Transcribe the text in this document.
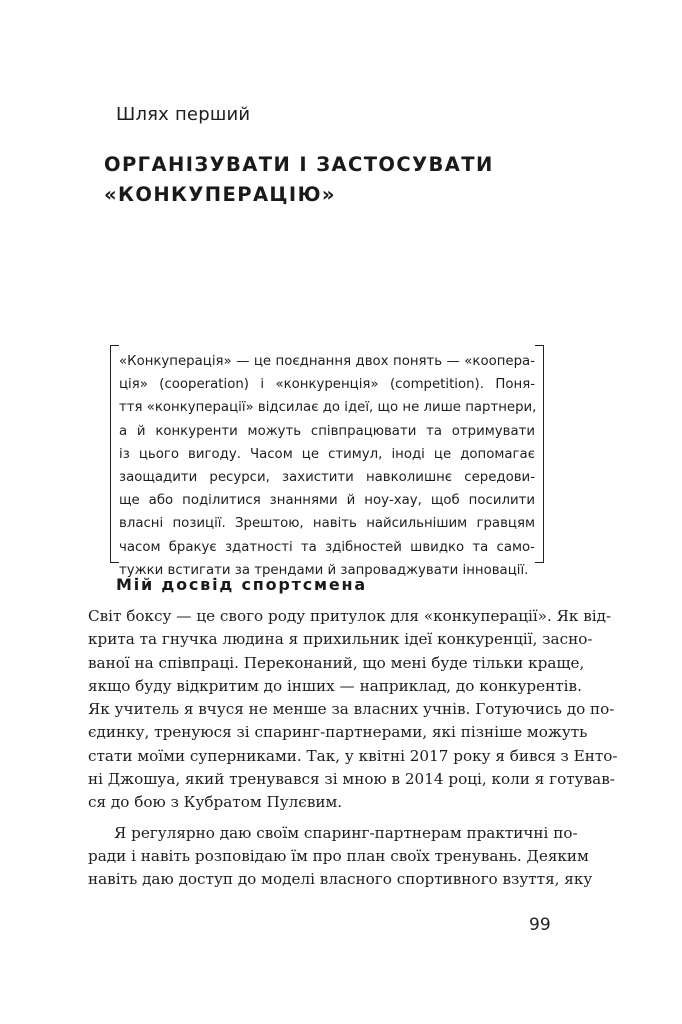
Шлях перший
ОРГАНІЗУВАТИ І ЗАСТОСУВАТИ
«КОНКУПЕРАЦІЮ»
«Конкуперація» — це поєднання двох понять — «коопера-
ція» (cooperation) і «конкуренція» (competition). Поня-
ття «конкуперації» відсилає до ідеї, що не лише партнери,
а й конкуренти можуть співпрацювати та отримувати
із цього вигоду. Часом це стимул, іноді це допомагає
заощадити ресурси, захистити навколишнє середови-
ще або поділитися знаннями й ноу-хау, щоб посилити
власні позиції. Зрештою, навіть найсильнішим гравцям
часом бракує здатності та здібностей швидко та само-
тужки встигати за трендами й запроваджувати інновації.
Мій досвід спортсмена
Світ боксу — це свого роду притулок для «конкуперації». Як від-
крита та гнучка людина я прихильник ідеї конкуренції, засно-
ваної на співпраці. Переконаний, що мені буде тільки краще,
якщо буду відкритим до інших — наприклад, до конкурентів.
Як учитель я вчуся не менше за власних учнів. Готуючись до по-
єдинку, тренуюся зі спаринг-партнерами, які пізніше можуть
стати моїми суперниками. Так, у квітні 2017 року я бився з Енто-
ні Джошуа, який тренувався зі мною в 2014 році, коли я готував-
ся до бою з Кубратом Пулєвим.
Я регулярно даю своїм спаринг-партнерам практичні по-
ради і навіть розповідаю їм про план своїх тренувань. Деяким
навіть даю доступ до моделі власного спортивного взуття, яку
99
